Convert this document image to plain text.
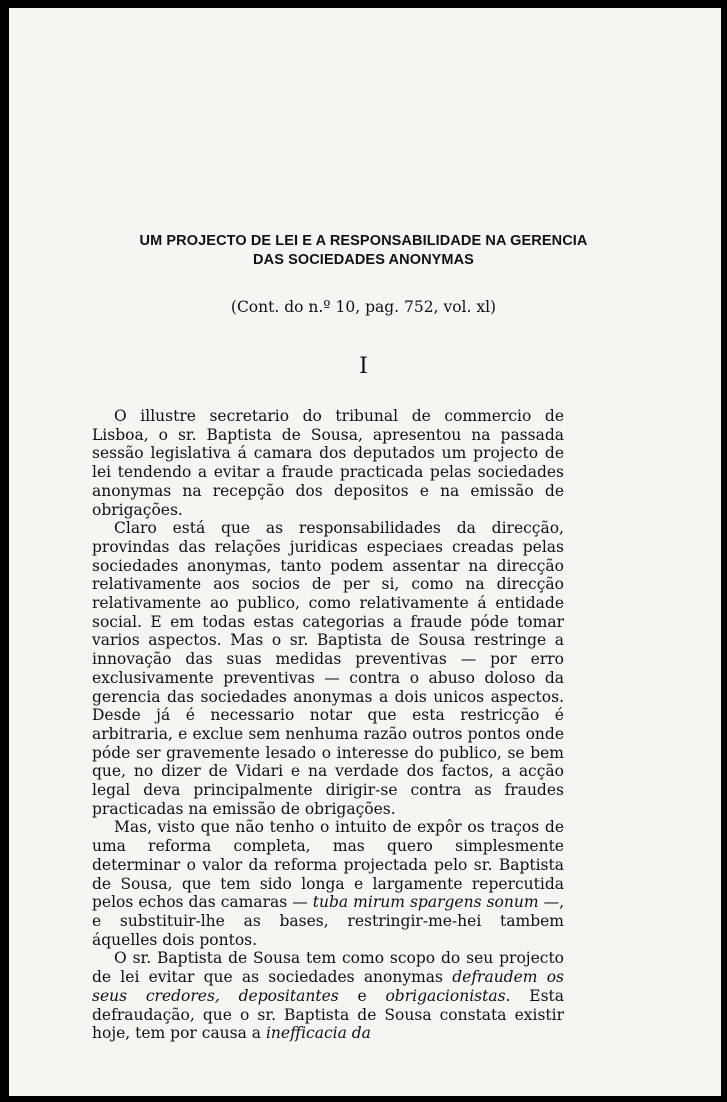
UM PROJECTO DE LEI E A RESPONSABILIDADE NA GERENCIA
DAS SOCIEDADES ANONYMAS
(Cont. do n.º 10, pag. 752, vol. xl)
I

O illustre secretario do tribunal de commercio de Lisboa, o sr. Baptista de Sousa, apresentou na passada sessão legislativa á camara dos deputados um projecto de lei tendendo a evitar a fraude practicada pelas sociedades anonymas na recepção dos depositos e na emissão de obrigações.

Claro está que as responsabilidades da direcção, provindas das relações juridicas especiaes creadas pelas sociedades anonymas, tanto podem assentar na direcção relativamente aos socios de per si, como na direcção relativamente ao publico, como relativamente á entidade social. E em todas estas categorias a fraude póde tomar varios aspectos. Mas o sr. Baptista de Sousa restringe a innovação das suas medidas preventivas — por erro exclusivamente preventivas — contra o abuso doloso da gerencia das sociedades anonymas a dois unicos aspectos. Desde já é necessario notar que esta restricção é arbitraria, e exclue sem nenhuma razão outros pontos onde póde ser gravemente lesado o interesse do publico, se bem que, no dizer de Vidari e na verdade dos factos, a acção legal deva principalmente dirigir-se contra as fraudes practicadas na emissão de obrigações.

Mas, visto que não tenho o intuito de expôr os traços de uma reforma completa, mas quero simplesmente determinar o valor da reforma projectada pelo sr. Baptista de Sousa, que tem sido longa e largamente repercutida pelos echos das camaras — tuba mirum spargens sonum —, e substituir-lhe as bases, restringir-me-hei tambem áquelles dois pontos.

O sr. Baptista de Sousa tem como scopo do seu projecto de lei evitar que as sociedades anonymas defraudem os seus credores, depositantes e obrigacionistas. Esta defraudação, que o sr. Baptista de Sousa constata existir hoje, tem por causa a inefficacia da
